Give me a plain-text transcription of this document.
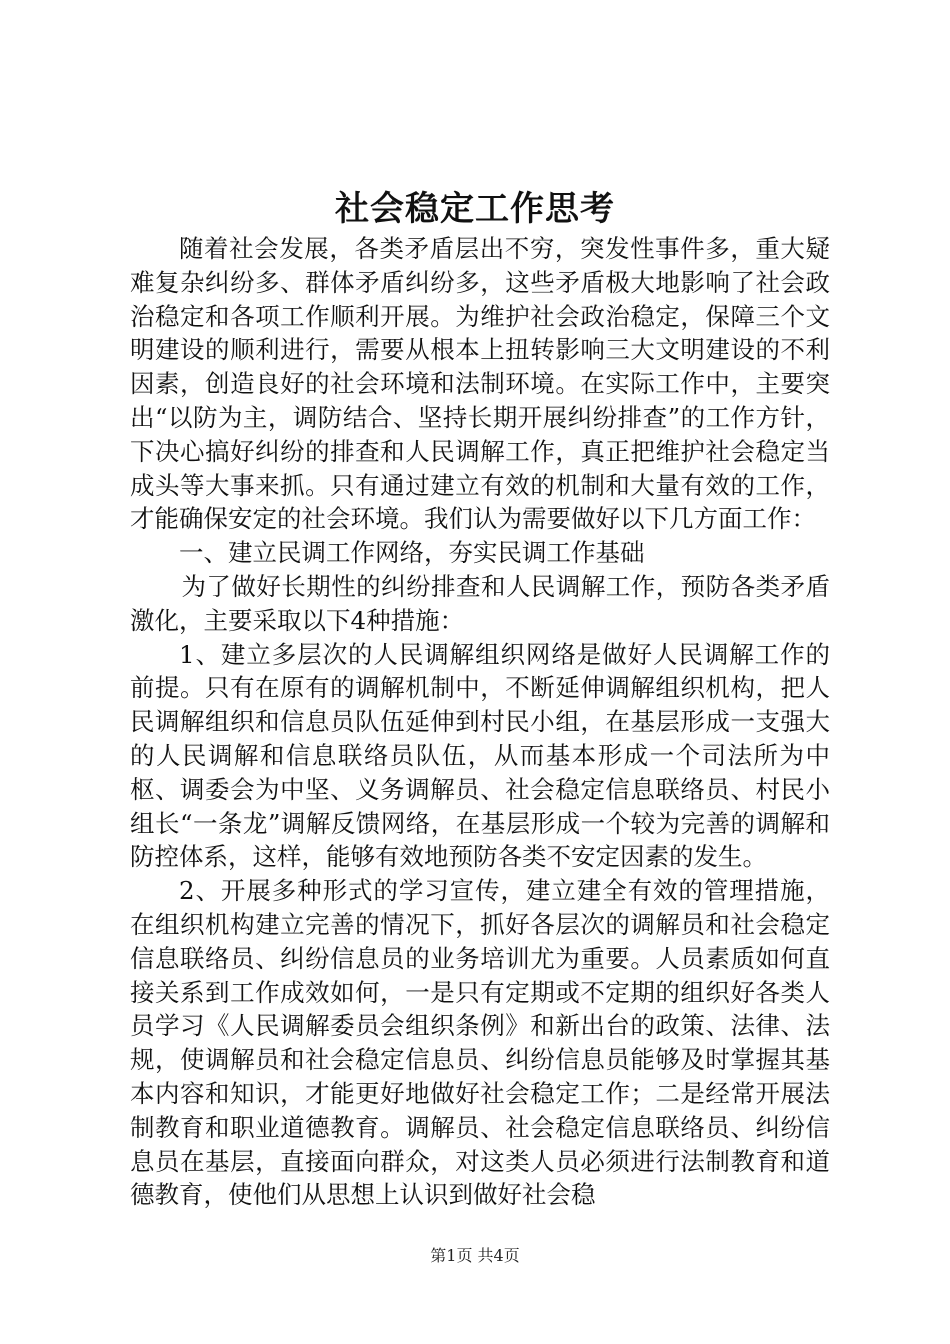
社会稳定工作思考

随着社会发展，各类矛盾层出不穷，突发性事件多，重大疑难复杂纠纷多、群体矛盾纠纷多，这些矛盾极大地影响了社会政治稳定和各项工作顺利开展。为维护社会政治稳定，保障三个文明建设的顺利进行，需要从根本上扭转影响三大文明建设的不利因素，创造良好的社会环境和法制环境。在实际工作中，主要突出“以防为主，调防结合、坚持长期开展纠纷排查”的工作方针，下决心搞好纠纷的排查和人民调解工作，真正把维护社会稳定当成头等大事来抓。只有通过建立有效的机制和大量有效的工作，才能确保安定的社会环境。我们认为需要做好以下几方面工作：

一、建立民调工作网络，夯实民调工作基础

为了做好长期性的纠纷排查和人民调解工作，预防各类矛盾激化，主要采取以下4种措施：

1、建立多层次的人民调解组织网络是做好人民调解工作的前提。只有在原有的调解机制中，不断延伸调解组织机构，把人民调解组织和信息员队伍延伸到村民小组，在基层形成一支强大的人民调解和信息联络员队伍，从而基本形成一个司法所为中枢、调委会为中坚、义务调解员、社会稳定信息联络员、村民小组长“一条龙”调解反馈网络，在基层形成一个较为完善的调解和防控体系，这样，能够有效地预防各类不安定因素的发生。

2、开展多种形式的学习宣传，建立建全有效的管理措施，在组织机构建立完善的情况下，抓好各层次的调解员和社会稳定信息联络员、纠纷信息员的业务培训尤为重要。人员素质如何直接关系到工作成效如何，一是只有定期或不定期的组织好各类人员学习《人民调解委员会组织条例》和新出台的政策、法律、法规，使调解员和社会稳定信息员、纠纷信息员能够及时掌握其基本内容和知识，才能更好地做好社会稳定工作；二是经常开展法制教育和职业道德教育。调解员、社会稳定信息联络员、纠纷信息员在基层，直接面向群众，对这类人员必须进行法制教育和道德教育，使他们从思想上认识到做好社会稳

第1页 共4页
